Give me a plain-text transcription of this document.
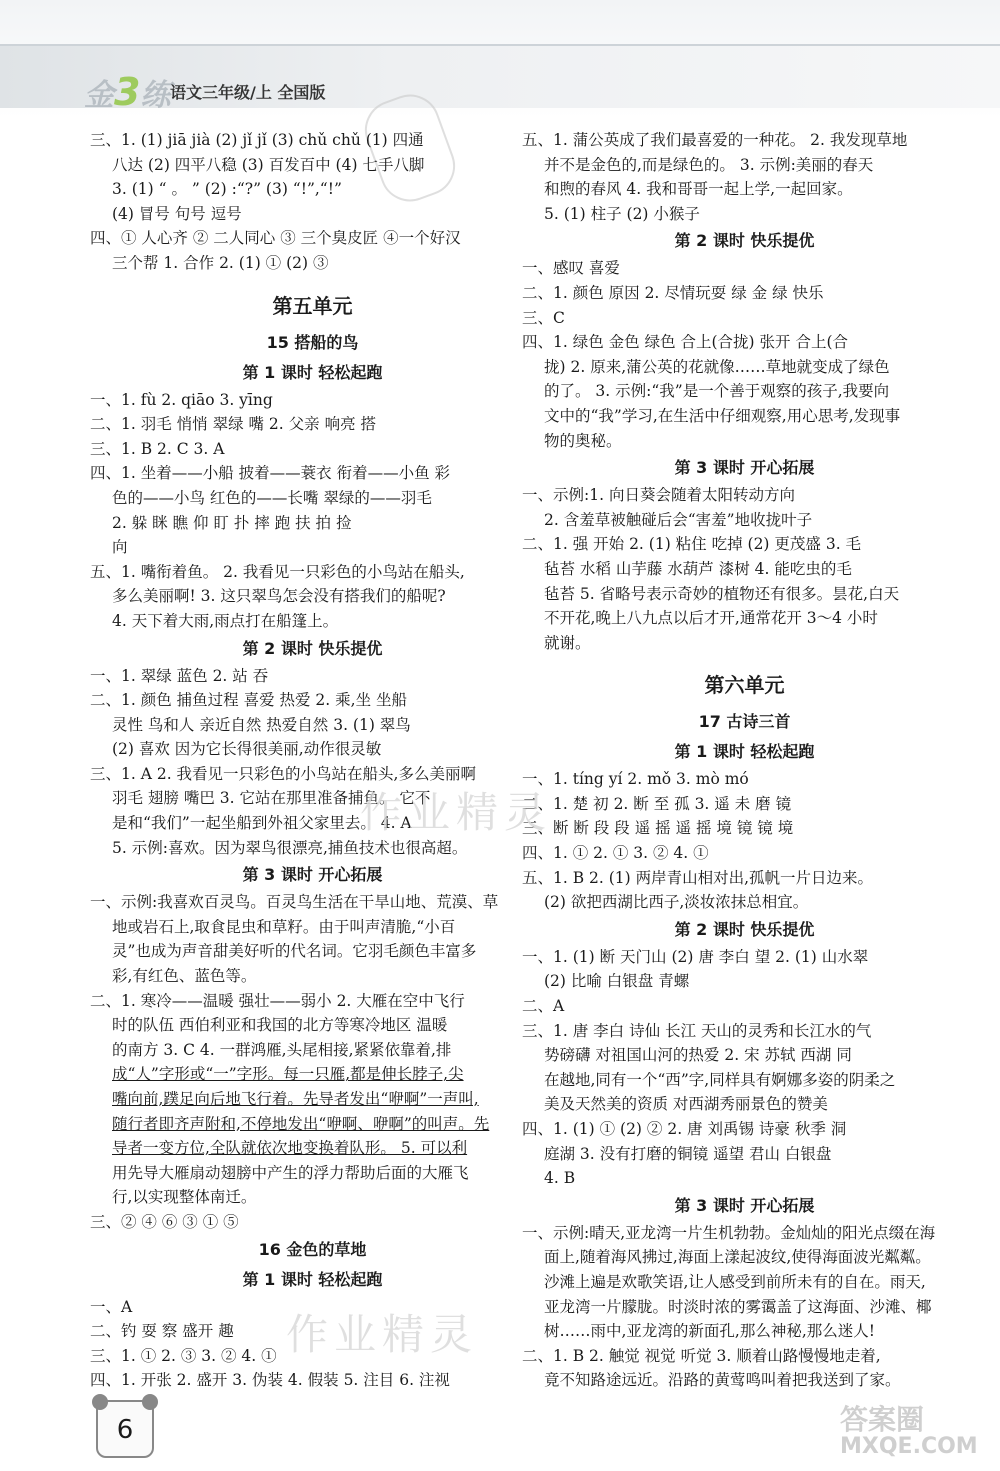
金3练 语文三年级/上 全国版
三、1. (1) jiā jià (2) jǐ jǐ (3) chǔ chǔ (1) 四通
八达 (2) 四平八稳 (3) 百发百中 (4) 七手八脚
3. (1) “ 。 ” (2) :“?” (3) “!”,“!”
(4) 冒号 句号 逗号
四、① 人心齐 ② 二人同心 ③ 三个臭皮匠 ④一个好汉
三个帮 1. 合作 2. (1) ① (2) ③
第五单元
15 搭船的鸟
第 1 课时 轻松起跑
一、1. fù 2. qiāo 3. yīng
二、1. 羽毛 悄悄 翠绿 嘴 2. 父亲 响亮 搭
三、1. B 2. C 3. A
四、1. 坐着——小船 披着——蓑衣 衔着——小鱼 彩
色的——小鸟 红色的——长嘴 翠绿的——羽毛
2. 躲 眯 瞧 仰 盯 扑 摔 跑 扶 拍 捡
向
五、1. 嘴衔着鱼。 2. 我看见一只彩色的小鸟站在船头,
多么美丽啊! 3. 这只翠鸟怎会没有搭我们的船呢?
4. 天下着大雨,雨点打在船篷上。
第 2 课时 快乐提优
一、1. 翠绿 蓝色 2. 站 吞
二、1. 颜色 捕鱼过程 喜爱 热爱 2. 乘,坐 坐船
灵性 鸟和人 亲近自然 热爱自然 3. (1) 翠鸟
(2) 喜欢 因为它长得很美丽,动作很灵敏
三、1. A 2. 我看见一只彩色的小鸟站在船头,多么美丽啊
羽毛 翅膀 嘴巴 3. 它站在那里准备捕鱼。 它不
是和“我们”一起坐船到外祖父家里去。 4. A
5. 示例:喜欢。因为翠鸟很漂亮,捕鱼技术也很高超。
第 3 课时 开心拓展
一、示例:我喜欢百灵鸟。百灵鸟生活在干旱山地、荒漠、草
地或岩石上,取食昆虫和草籽。由于叫声清脆,“小百
灵”也成为声音甜美好听的代名词。它羽毛颜色丰富多
彩,有红色、蓝色等。
二、1. 寒冷——温暖 强壮——弱小 2. 大雁在空中飞行
时的队伍 西伯利亚和我国的北方等寒冷地区 温暖
的南方 3. C 4. 一群鸿雁,头尾相接,紧紧依靠着,排
成“人”字形或“一”字形。每一只雁,都是伸长脖子,尖
嘴向前,蹼足向后地飞行着。先导者发出“咿啊”一声叫,
随行者即齐声附和,不停地发出“咿啊、咿啊”的叫声。先
导者一变方位,全队就依次地变换着队形。 5. 可以利
用先导大雁扇动翅膀中产生的浮力帮助后面的大雁飞
行,以实现整体南迁。
三、② ④ ⑥ ③ ① ⑤
16 金色的草地
第 1 课时 轻松起跑
一、A
二、钓 耍 察 盛开 趣
三、1. ① 2. ③ 3. ② 4. ①
四、1. 开张 2. 盛开 3. 伪装 4. 假装 5. 注目 6. 注视
五、1. 蒲公英成了我们最喜爱的一种花。 2. 我发现草地
并不是金色的,而是绿色的。 3. 示例:美丽的春天
和煦的春风 4. 我和哥哥一起上学,一起回家。
5. (1) 柱子 (2) 小猴子
第 2 课时 快乐提优
一、感叹 喜爱
二、1. 颜色 原因 2. 尽情玩耍 绿 金 绿 快乐
三、C
四、1. 绿色 金色 绿色 合上(合拢) 张开 合上(合
拢) 2. 原来,蒲公英的花就像……草地就变成了绿色
的了。 3. 示例:“我”是一个善于观察的孩子,我要向
文中的“我”学习,在生活中仔细观察,用心思考,发现事
物的奥秘。
第 3 课时 开心拓展
一、示例:1. 向日葵会随着太阳转动方向
2. 含羞草被触碰后会“害羞”地收拢叶子
二、1. 强 开始 2. (1) 粘住 吃掉 (2) 更茂盛 3. 毛
毡苔 水稻 山芋藤 水葫芦 漆树 4. 能吃虫的毛
毡苔 5. 省略号表示奇妙的植物还有很多。昙花,白天
不开花,晚上八九点以后才开,通常花开 3～4 小时
就谢。
第六单元
17 古诗三首
第 1 课时 轻松起跑
一、1. tíng yí 2. mǒ 3. mò mó
二、1. 楚 初 2. 断 至 孤 3. 遥 未 磨 镜
三、断 断 段 段 遥 摇 遥 摇 境 镜 镜 境
四、1. ① 2. ① 3. ② 4. ①
五、1. B 2. (1) 两岸青山相对出,孤帆一片日边来。
(2) 欲把西湖比西子,淡妆浓抹总相宜。
第 2 课时 快乐提优
一、1. (1) 断 天门山 (2) 唐 李白 望 2. (1) 山水翠
(2) 比喻 白银盘 青螺
二、A
三、1. 唐 李白 诗仙 长江 天山的灵秀和长江水的气
势磅礴 对祖国山河的热爱 2. 宋 苏轼 西湖 同
在越地,同有一个“西”字,同样具有婀娜多姿的阴柔之
美及天然美的资质 对西湖秀丽景色的赞美
四、1. (1) ① (2) ② 2. 唐 刘禹锡 诗豪 秋季 洞
庭湖 3. 没有打磨的铜镜 遥望 君山 白银盘
4. B
第 3 课时 开心拓展
一、示例:晴天,亚龙湾一片生机勃勃。金灿灿的阳光点缀在海
面上,随着海风拂过,海面上漾起波纹,使得海面波光粼粼。
沙滩上遍是欢歌笑语,让人感受到前所未有的自在。雨天,
亚龙湾一片朦胧。时淡时浓的雾霭盖了这海面、沙滩、椰
树……雨中,亚龙湾的新面孔,那么神秘,那么迷人!
二、1. B 2. 触觉 视觉 听觉 3. 顺着山路慢慢地走着,
竟不知路途远近。沿路的黄莺鸣叫着把我送到了家。
作业精灵
作业精灵
6	答案圈
MXQE.COM
